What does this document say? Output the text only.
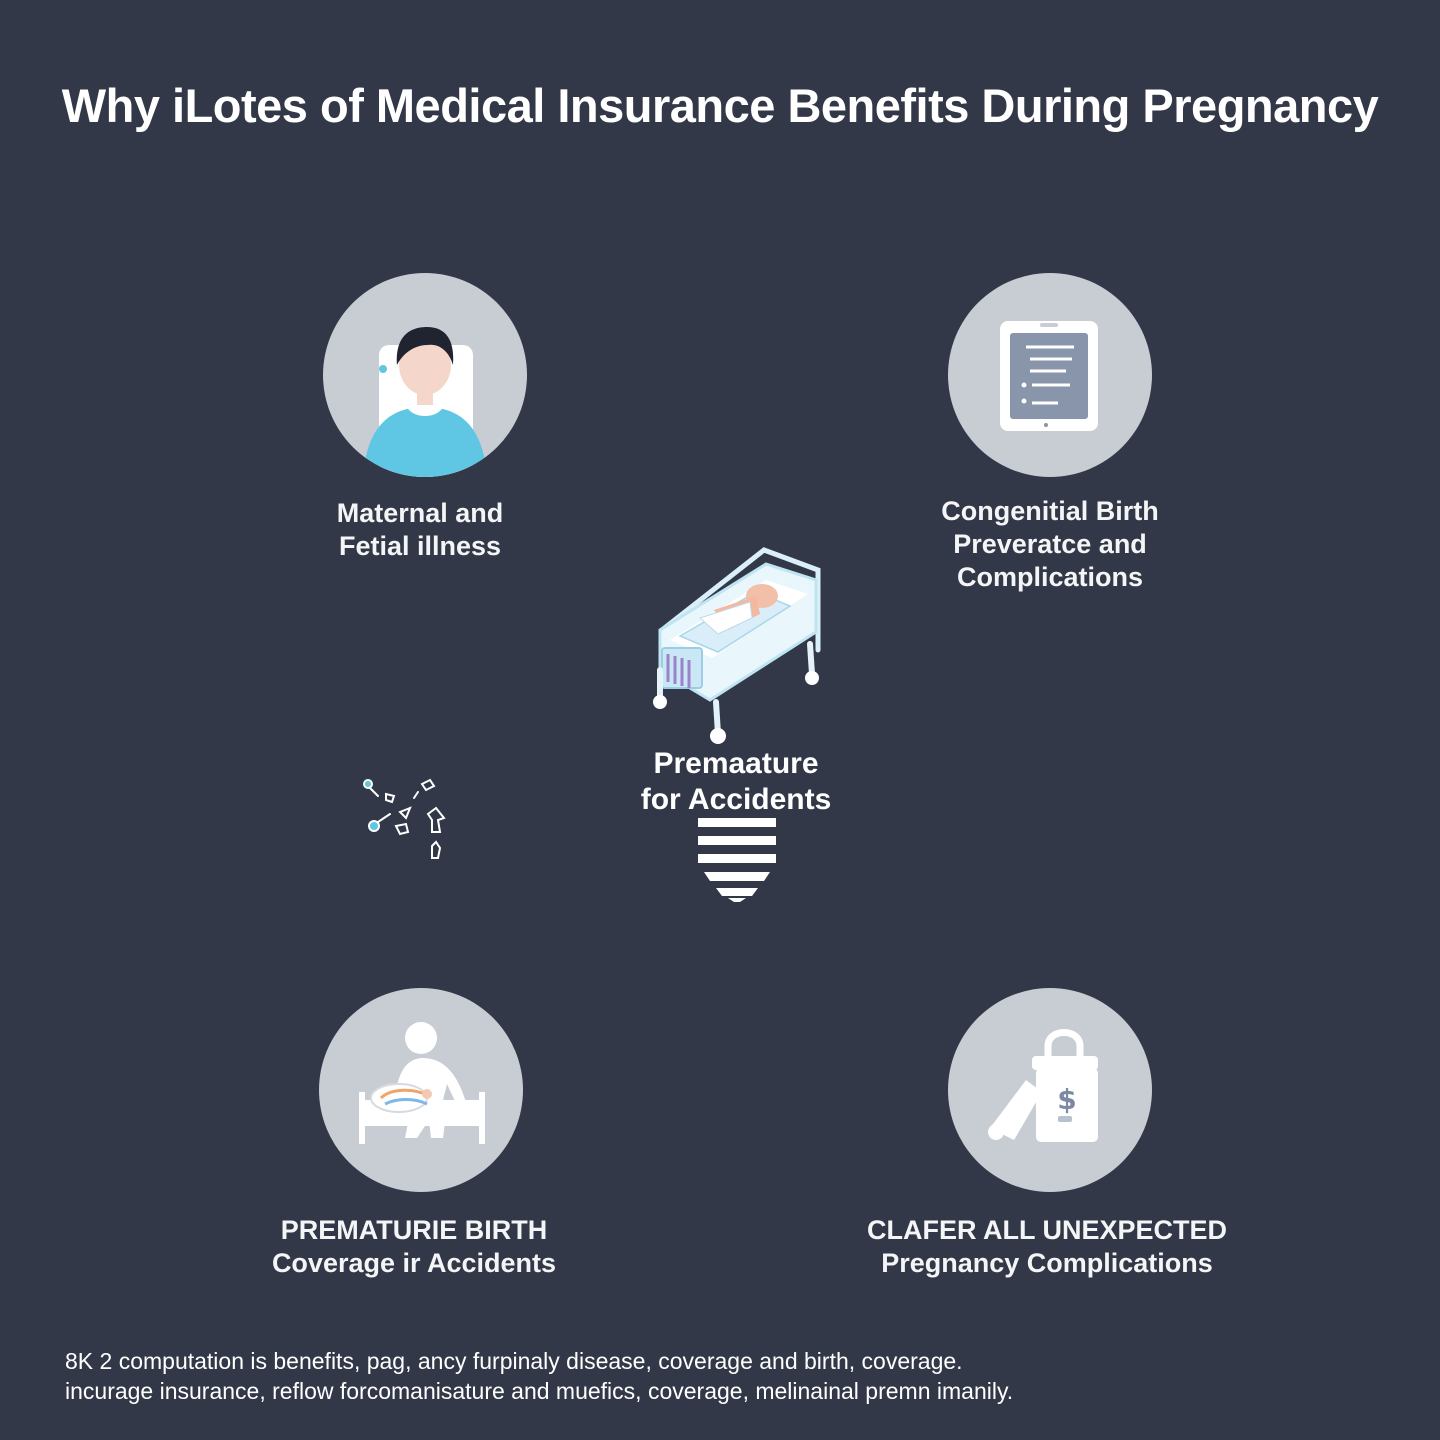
Why iLotes of Medical Insurance Benefits During Pregnancy
Maternal and
Fetial illness
Congenitial Birth
Preveratce and
Complications
Premaature
for Accidents
PREMATURIE BIRTH
Coverage ir Accidents
$
CLAFER ALL UNEXPECTED
Pregnancy Complications
8K 2 computation is benefits, pag, ancy furpinaly disease, coverage and birth, coverage.
incurage insurance, reflow forcomanisature and muefics, coverage, melinainal premn imanily.
